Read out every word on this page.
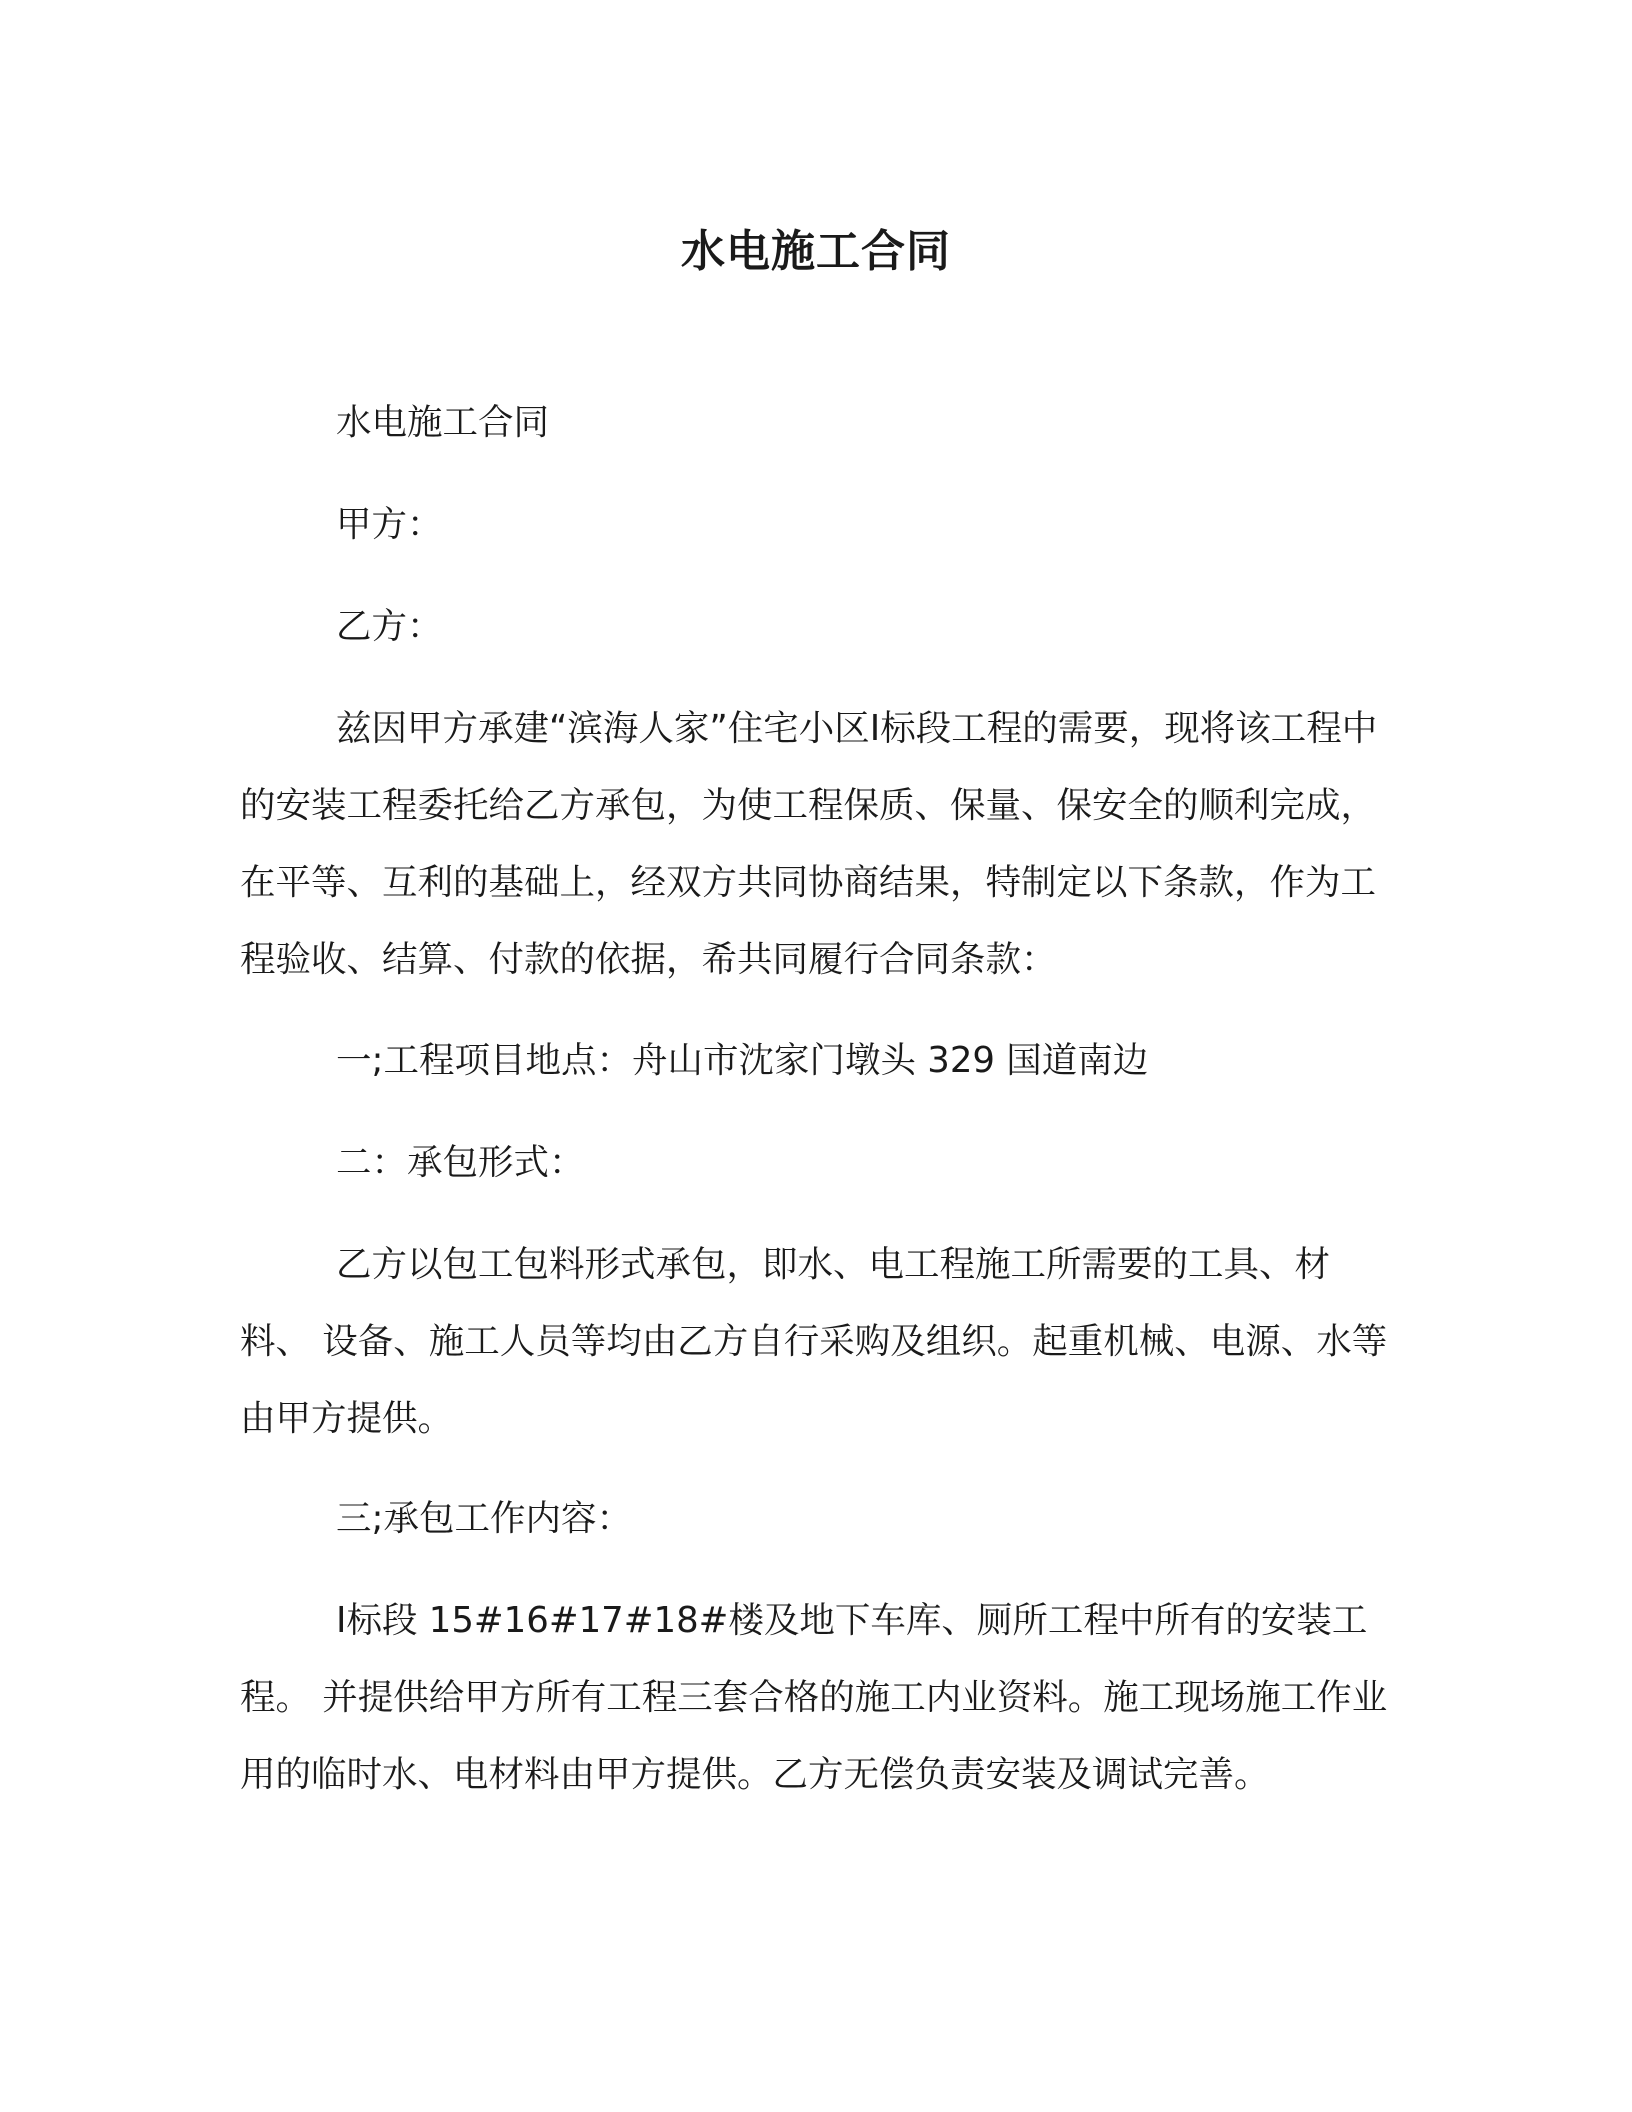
水电施工合同

水电施工合同

甲方：

乙方：

兹因甲方承建“滨海人家”住宅小区Ⅰ标段工程的需要，现将该工程中的安装工程委托给乙方承包，为使工程保质、保量、保安全的顺利完成，在平等、互利的基础上，经双方共同协商结果，特制定以下条款，作为工程验收、结算、付款的依据，希共同履行合同条款：

一;工程项目地点：舟山市沈家门墩头 329 国道南边

二：承包形式：

乙方以包工包料形式承包，即水、电工程施工所需要的工具、材料、 设备、施工人员等均由乙方自行采购及组织。起重机械、电源、水等 由甲方提供。

三;承包工作内容：

Ⅰ标段 15#16#17#18#楼及地下车库、厕所工程中所有的安装工程。 并提供给甲方所有工程三套合格的施工内业资料。施工现场施工作业 用的临时水、电材料由甲方提供。乙方无偿负责安装及调试完善。
